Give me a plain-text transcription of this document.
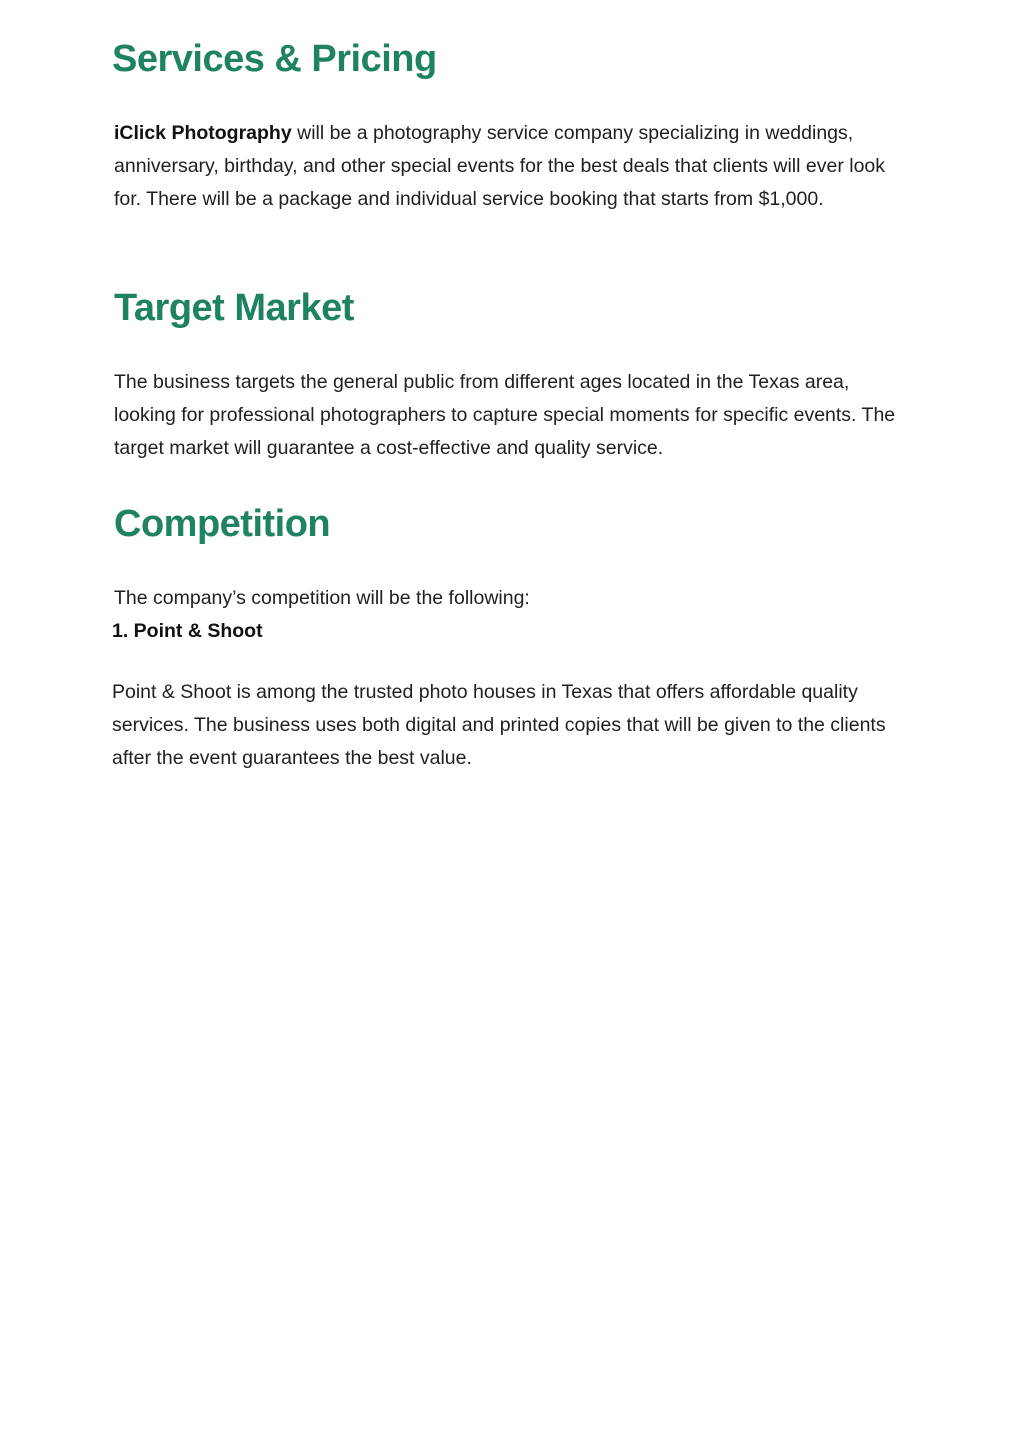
Services & Pricing

iClick Photography will be a photography service company specializing in weddings, anniversary, birthday, and other special events for the best deals that clients will ever look for. There will be a package and individual service booking that starts from $1,000.

Target Market

The business targets the general public from different ages located in the Texas area, looking for professional photographers to capture special moments for specific events. The target market will guarantee a cost-effective and quality service.

Competition

The company’s competition will be the following:

1. Point & Shoot

Point & Shoot is among the trusted photo houses in Texas that offers affordable quality services. The business uses both digital and printed copies that will be given to the clients after the event guarantees the best value.
